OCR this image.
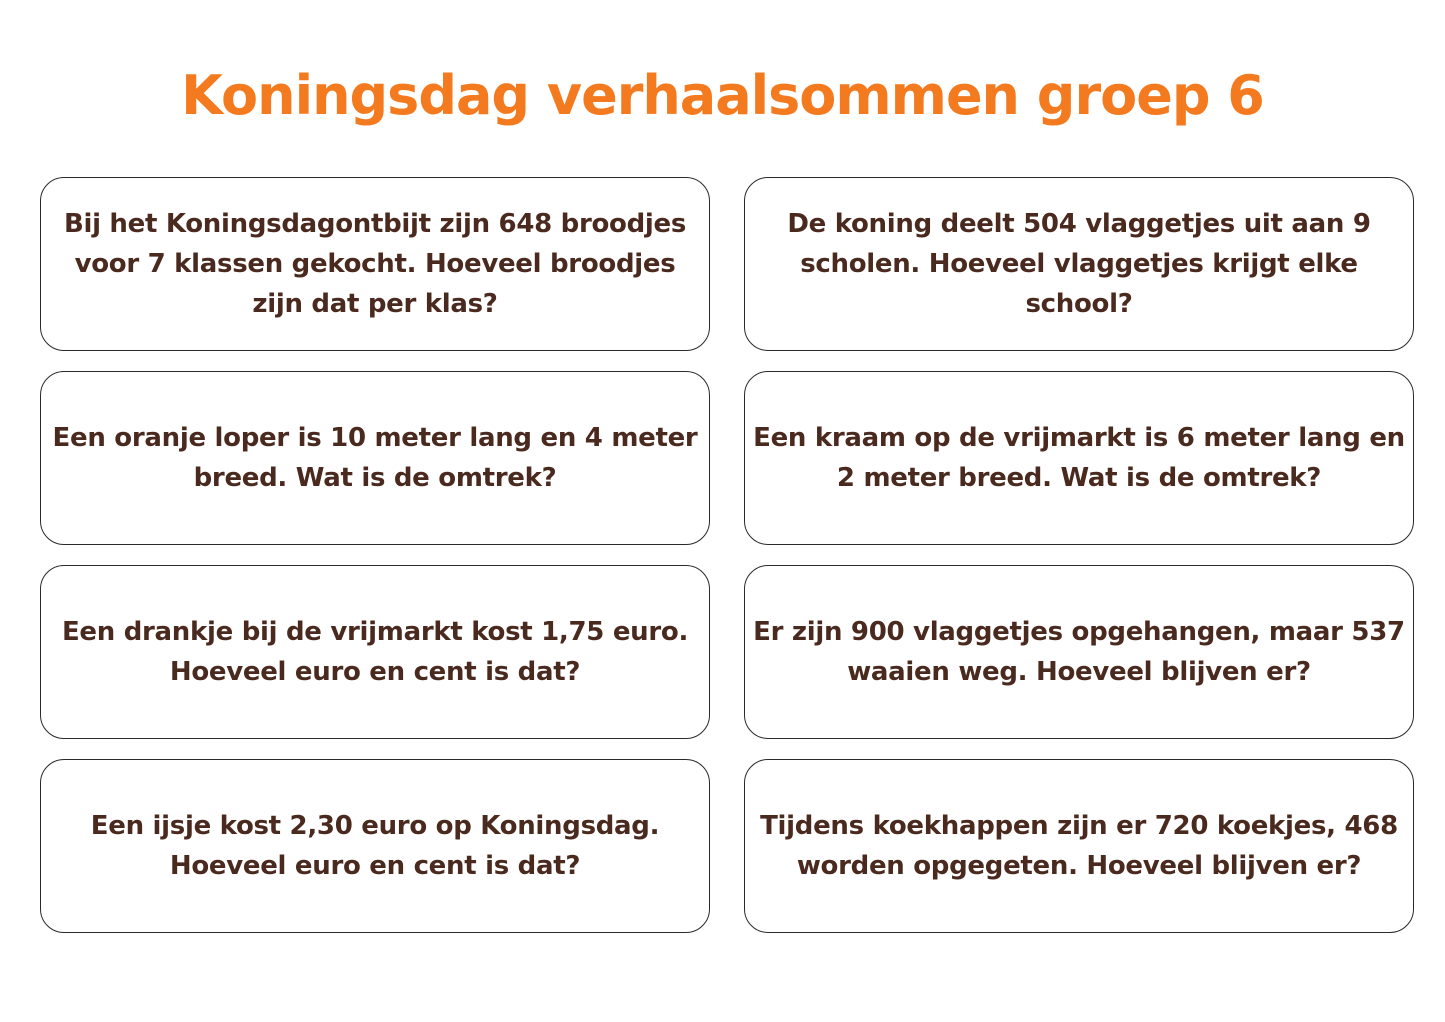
Koningsdag verhaalsommen groep 6
Bij het Koningsdagontbijt zijn 648 broodjes voor 7 klassen gekocht. Hoeveel broodjes zijn dat per klas?
De koning deelt 504 vlaggetjes uit aan 9 scholen. Hoeveel vlaggetjes krijgt elke school?
Een oranje loper is 10 meter lang en 4 meter breed. Wat is de omtrek?
Een kraam op de vrijmarkt is 6 meter lang en 2 meter breed. Wat is de omtrek?
Een drankje bij de vrijmarkt kost 1,75 euro. Hoeveel euro en cent is dat?
Er zijn 900 vlaggetjes opgehangen, maar 537 waaien weg. Hoeveel blijven er?
Een ijsje kost 2,30 euro op Koningsdag. Hoeveel euro en cent is dat?
Tijdens koekhappen zijn er 720 koekjes, 468 worden opgegeten. Hoeveel blijven er?
